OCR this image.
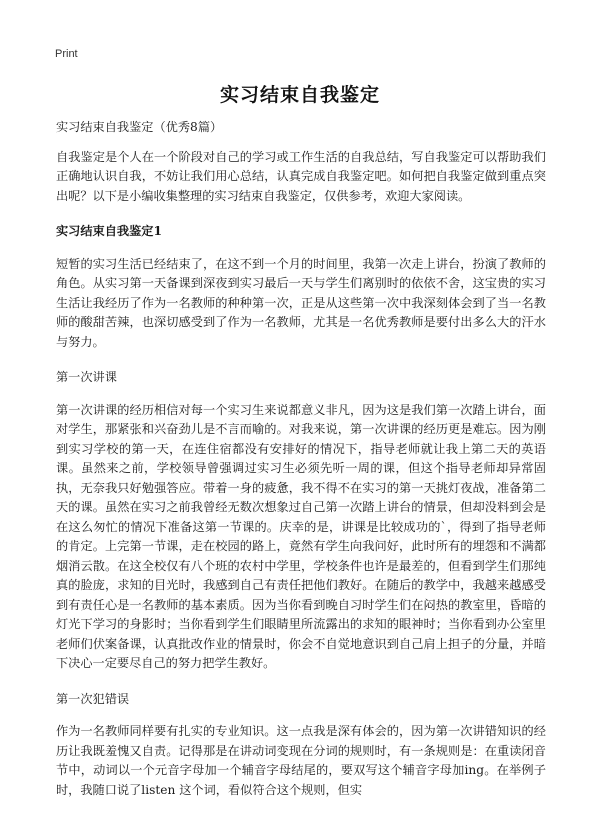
Print
实习结束自我鉴定

实习结束自我鉴定（优秀8篇）

自我鉴定是个人在一个阶段对自己的学习或工作生活的自我总结，写自我鉴定可以帮助我们正确地认识自我，不妨让我们用心总结，认真完成自我鉴定吧。如何把自我鉴定做到重点突出呢？以下是小编收集整理的实习结束自我鉴定，仅供参考，欢迎大家阅读。

实习结束自我鉴定1

短暂的实习生活已经结束了，在这不到一个月的时间里，我第一次走上讲台，扮演了教师的角色。从实习第一天备课到深夜到实习最后一天与学生们离别时的依依不舍，这宝贵的实习生活让我经历了作为一名教师的种种第一次，正是从这些第一次中我深刻体会到了当一名教师的酸甜苦辣，也深切感受到了作为一名教师，尤其是一名优秀教师是要付出多么大的汗水与努力。

第一次讲课

第一次讲课的经历相信对每一个实习生来说都意义非凡，因为这是我们第一次踏上讲台，面对学生，那紧张和兴奋劲儿是不言而喻的。对我来说，第一次讲课的经历更是难忘。因为刚到实习学校的第一天，在连住宿都没有安排好的情况下，指导老师就让我上第二天的英语课。虽然来之前，学校领导曾强调过实习生必须先听一周的课，但这个指导老师却异常固执，无奈我只好勉强答应。带着一身的疲惫，我不得不在实习的第一天挑灯夜战，准备第二天的课。虽然在实习之前我曾经无数次想象过自己第一次踏上讲台的情景，但却没料到会是在这么匆忙的情况下准备这第一节课的。庆幸的是，讲课是比较成功的`，得到了指导老师的肯定。上完第一节课，走在校园的路上，竟然有学生向我问好，此时所有的埋怨和不满都烟消云散。在这全校仅有八个班的农村中学里，学校条件也许是最差的，但看到学生们那纯真的脸庞，求知的目光时，我感到自己有责任把他们教好。在随后的教学中，我越来越感受到有责任心是一名教师的基本素质。因为当你看到晚自习时学生们在闷热的教室里，昏暗的灯光下学习的身影时；当你看到学生们眼睛里所流露出的求知的眼神时；当你看到办公室里老师们伏案备课，认真批改作业的情景时，你会不自觉地意识到自己肩上担子的分量，并暗下决心一定要尽自己的努力把学生教好。

第一次犯错误

作为一名教师同样要有扎实的专业知识。这一点我是深有体会的，因为第一次讲错知识的经历让我既羞愧又自责。记得那是在讲动词变现在分词的规则时，有一条规则是：在重读闭音节中，动词以一个元音字母加一个辅音字母结尾的，要双写这个辅音字母加ing。在举例子时，我随口说了listen 这个词，看似符合这个规则，但实
